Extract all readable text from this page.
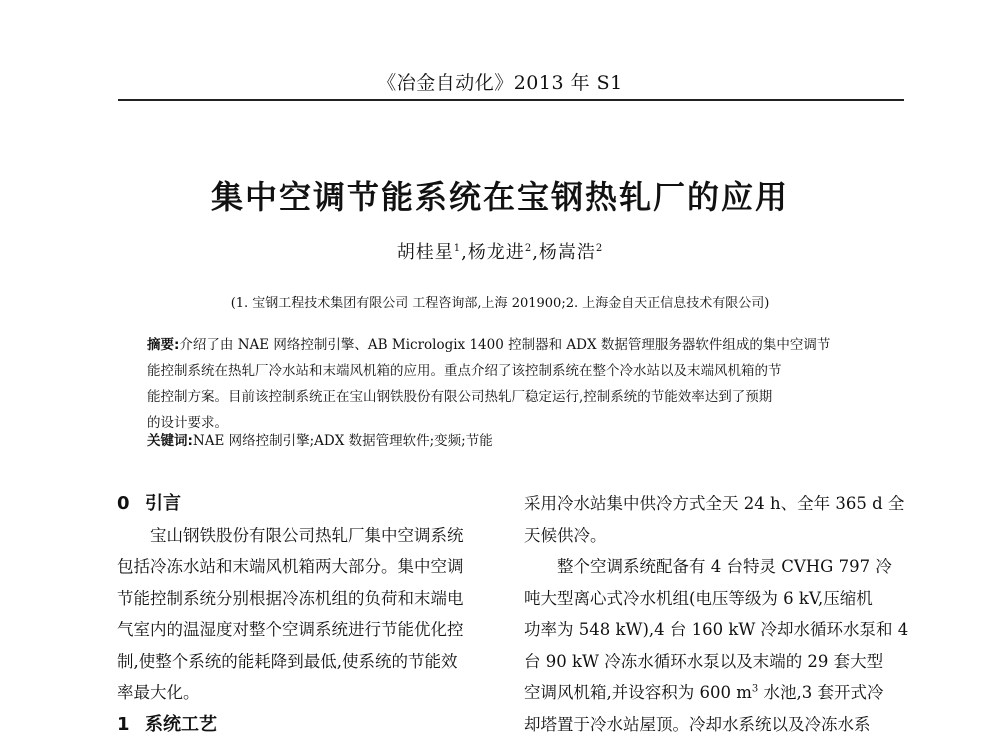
《冶金自动化》2013 年 S1
集中空调节能系统在宝钢热轧厂的应用
胡桂星$^1$,杨龙进$^2$,杨嵩浩$^2$
(1. 宝钢工程技术集团有限公司 工程咨询部,上海 201900;2. 上海金自天正信息技术有限公司)
摘要:介绍了由 NAE 网络控制引擎、AB Micrologix 1400 控制器和 ADX 数据管理服务器软件组成的集中空调节
能控制系统在热轧厂冷水站和末端风机箱的应用。重点介绍了该控制系统在整个冷水站以及末端风机箱的节
能控制方案。目前该控制系统正在宝山钢铁股份有限公司热轧厂稳定运行,控制系统的节能效率达到了预期
的设计要求。
关键词:NAE 网络控制引擎;ADX 数据管理软件;变频;节能
0 引言
宝山钢铁股份有限公司热轧厂集中空调系统
包括冷冻水站和末端风机箱两大部分。集中空调
节能控制系统分别根据冷冻机组的负荷和末端电
气室内的温湿度对整个空调系统进行节能优化控
制,使整个系统的能耗降到最低,使系统的节能效
率最大化。
1 系统工艺
采用冷水站集中供冷方式全天 24 h、全年 365 d 全
天候供冷。
整个空调系统配备有 4 台特灵 CVHG 797 冷
吨大型离心式冷水机组(电压等级为 6 kV,压缩机
功率为 548 kW),4 台 160 kW 冷却水循环水泵和 4
台 90 kW 冷冻水循环水泵以及末端的 29 套大型
空调风机箱,并设容积为 600 $m^3$ 水池,3 套开式冷
却塔置于冷水站屋顶。冷却水系统以及冷冻水系
